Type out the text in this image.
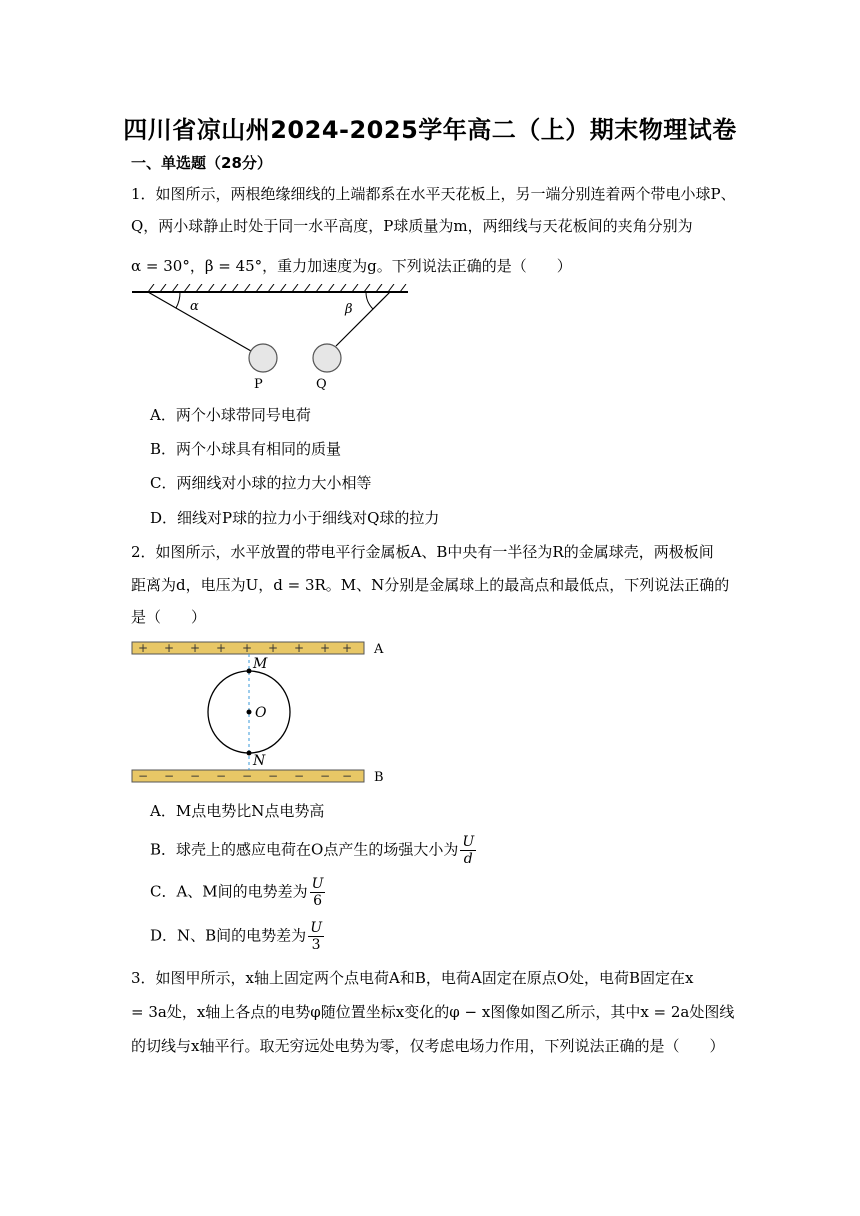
四川省凉山州2024-2025学年高二（上）期末物理试卷
一、单选题（28分）
1．如图所示，两根绝缘细线的上端都系在水平天花板上，另一端分别连着两个带电小球P、
Q，两小球静止时处于同一水平高度，P球质量为m，两细线与天花板间的夹角分别为
α = 30°，β = 45°，重力加速度为g。下列说法正确的是（　　）
α	β
P	Q
A．两个小球带同号电荷
B．两个小球具有相同的质量
C．两细线对小球的拉力大小相等
D．细线对P球的拉力小于细线对Q球的拉力
2．如图所示，水平放置的带电平行金属板A、B中央有一半径为R的金属球壳，两极板间
距离为d，电压为U，d = 3R。M、N分别是金属球上的最高点和最低点，下列说法正确的
是（　　）
+ + + + + + + + + A
− − − − − − − − − B
M
O
N
A．M点电势比N点电势高
B．球壳上的感应电荷在O点产生的场强大小为 $\frac{U}{d}$
C．A、M间的电势差为 $\frac{U}{6}$
D．N、B间的电势差为 $\frac{U}{3}$
3．如图甲所示，x轴上固定两个点电荷A和B，电荷A固定在原点O处，电荷B固定在x
= 3a处，x轴上各点的电势φ随位置坐标x变化的φ − x图像如图乙所示，其中x = 2a处图线
的切线与x轴平行。取无穷远处电势为零，仅考虑电场力作用，下列说法正确的是（　　）
